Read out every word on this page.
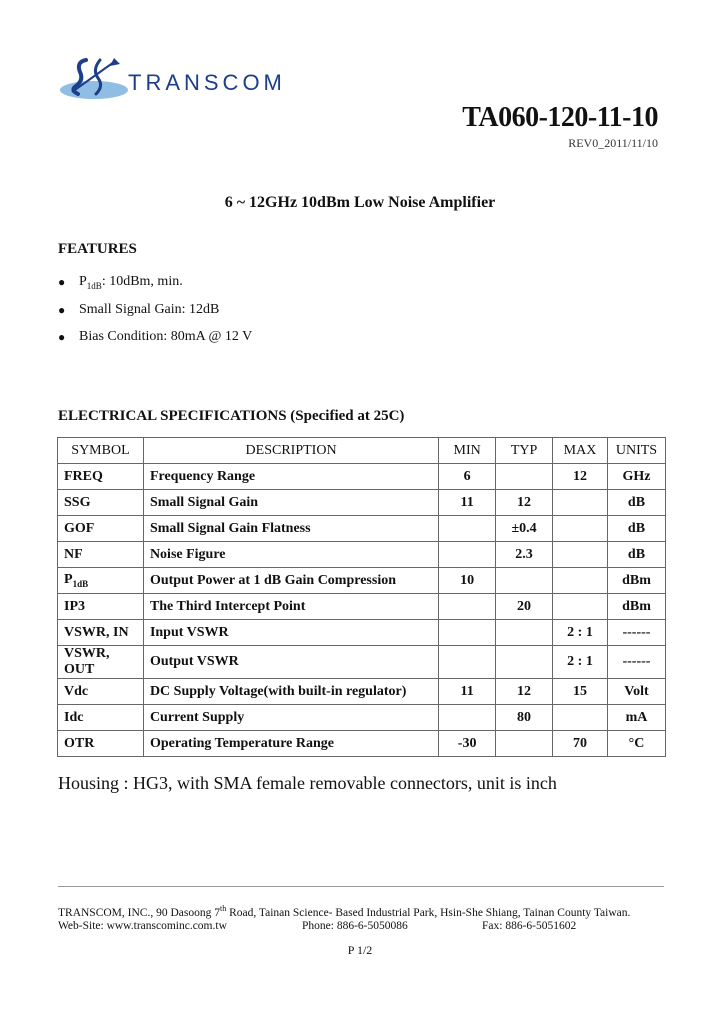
TRANSCOM
TA060-120-11-10
REV0_2011/11/10
6 ~ 12GHz 10dBm Low Noise Amplifier
FEATURES
● $P_{1dB}$: 10dBm, min.
● Small Signal Gain: 12dB
● Bias Condition: 80mA @ 12 V
ELECTRICAL SPECIFICATIONS (Specified at 25C)
SYMBOL	DESCRIPTION	MIN	TYP	MAX	UNITS
FREQ	Frequency Range	6		12	GHz
SSG	Small Signal Gain	11	12		dB
GOF	Small Signal Gain Flatness		±0.4		dB
NF	Noise Figure		2.3		dB
$P_{1dB}$	Output Power at 1 dB Gain Compression	10			dBm
IP3	The Third Intercept Point		20		dBm
VSWR, IN	Input VSWR			2 : 1	------
VSWR, OUT	Output VSWR			2 : 1	------
Vdc	DC Supply Voltage(with built-in regulator)	11	12	15	Volt
Idc	Current Supply		80		mA
OTR	Operating Temperature Range	-30		70	°C
Housing : HG3, with SMA female removable connectors, unit is inch
TRANSCOM, INC., 90 Dasoong 7th Road, Tainan Science- Based Industrial Park, Hsin-She Shiang, Tainan County Taiwan.
Web-Site: www.transcominc.com.tw	Phone: 886-6-5050086	Fax: 886-6-5051602
P 1/2
